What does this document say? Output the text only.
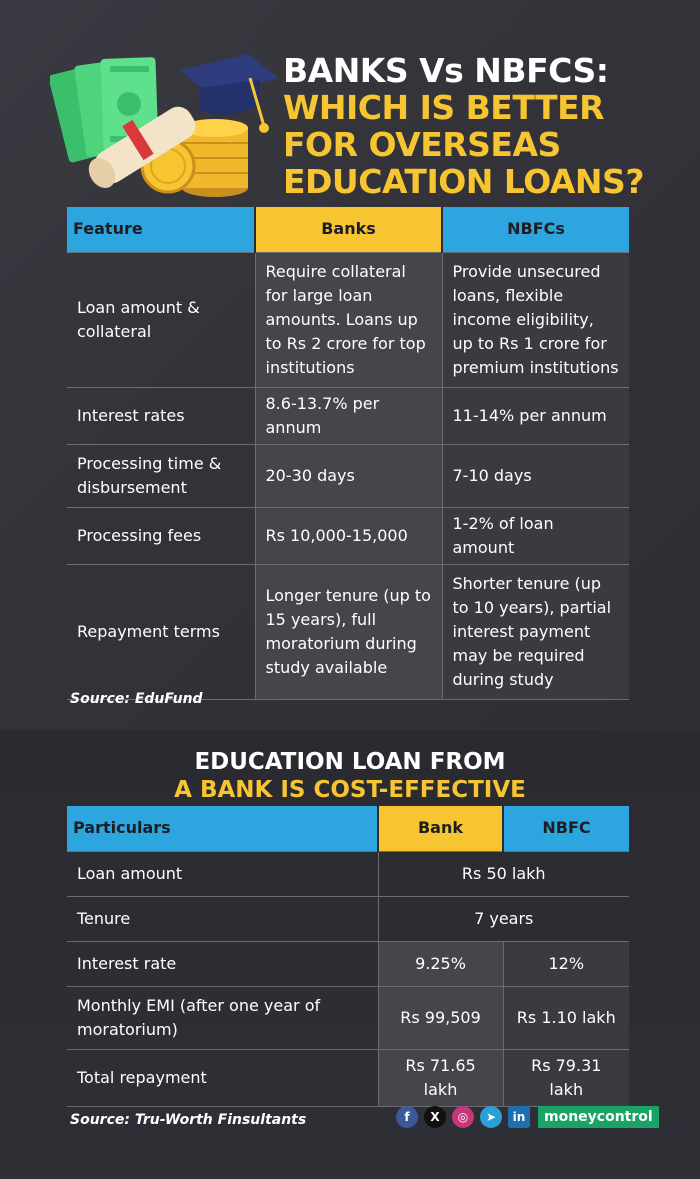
BANKS Vs NBFCS:
WHICH IS BETTER
FOR OVERSEAS
EDUCATION LOANS?
Feature	Banks	NBFCs
Loan amount & collateral	Require collateral for large loan amounts. Loans up to Rs 2 crore for top institutions	Provide unsecured loans, flexible income eligibility, up to Rs 1 crore for premium institutions
Interest rates	8.6-13.7% per annum	11-14% per annum
Processing time & disbursement	20-30 days	7-10 days
Processing fees	Rs 10,000-15,000	1-2% of loan amount
Repayment terms	Longer tenure (up to 15 years), full moratorium during study available	Shorter tenure (up to 10 years), partial interest payment may be required during study
Source: EduFund
EDUCATION LOAN FROM
A BANK IS COST-EFFECTIVE
Particulars	Bank	NBFC
Loan amount	Rs 50 lakh	
Tenure	7 years	
Interest rate	9.25%	12%
Monthly EMI (after one year of moratorium)	Rs 99,509	Rs 1.10 lakh
Total repayment	Rs 71.65 lakh	Rs 79.31 lakh
Source: Tru-Worth Finsultants	f	X	◎	➤	in	moneycontrol
